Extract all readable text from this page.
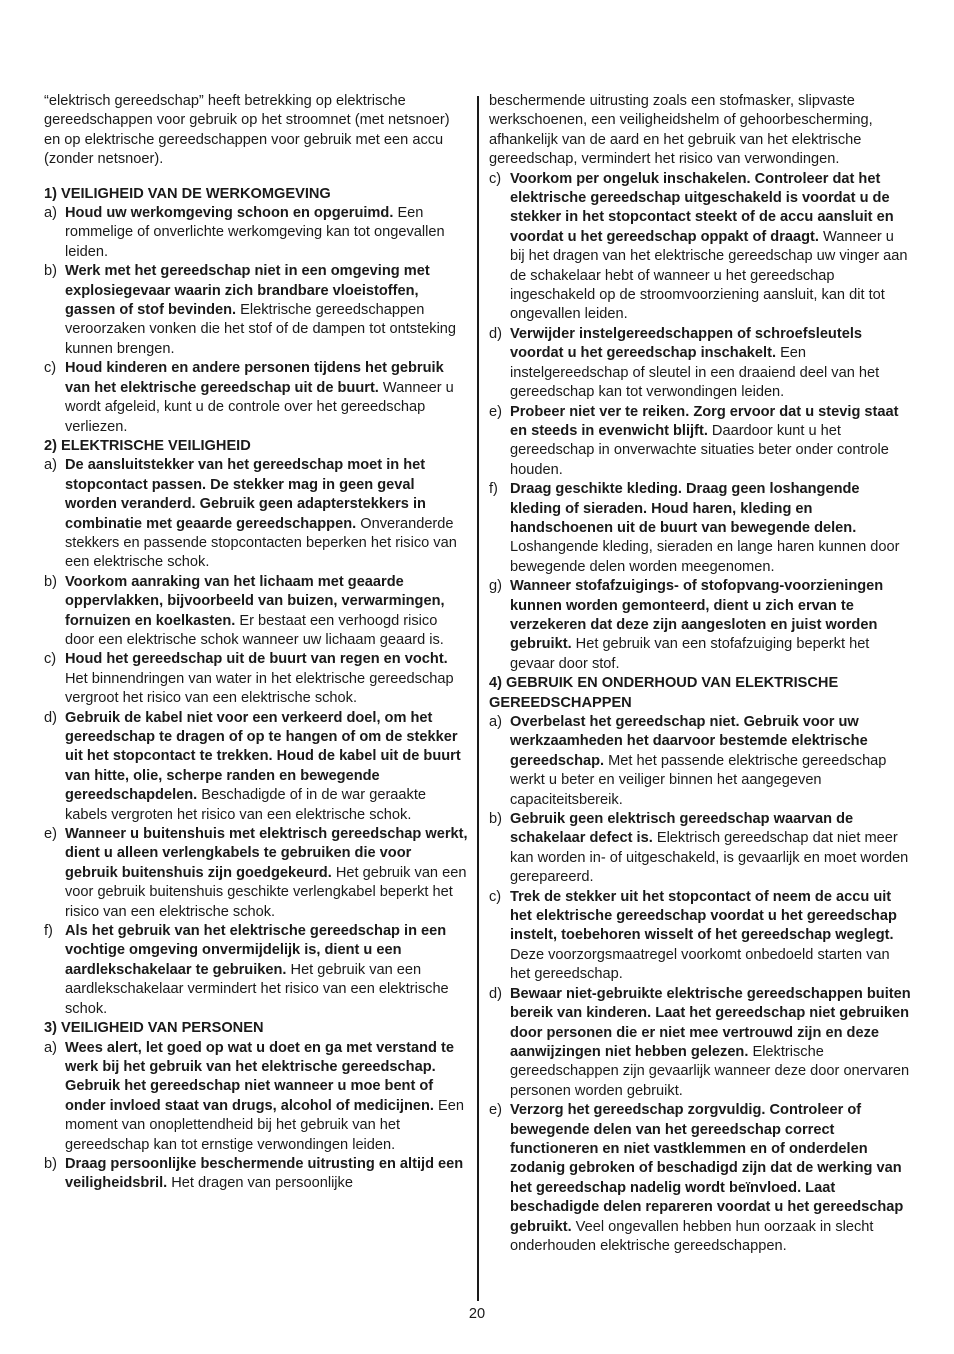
“elektrisch gereedschap” heeft betrekking op elektrische gereedschappen voor gebruik op het stroomnet (met netsnoer) en op elektrische gereedschappen voor gebruik met een accu (zonder netsnoer).

1) VEILIGHEID VAN DE WERKOMGEVING
a) Houd uw werkomgeving schoon en opgeruimd. Een rommelige of onverlichte werkomgeving kan tot ongevallen leiden.
b) Werk met het gereedschap niet in een omgeving met explosiegevaar waarin zich brandbare vloeistoffen, gassen of stof bevinden. Elektrische gereedschappen veroorzaken vonken die het stof of de dampen tot ontsteking kunnen brengen.
c) Houd kinderen en andere personen tijdens het gebruik van het elektrische gereedschap uit de buurt. Wanneer u wordt afgeleid, kunt u de controle over het gereedschap verliezen.
2) ELEKTRISCHE VEILIGHEID
a) De aansluitstekker van het gereedschap moet in het stopcontact passen. De stekker mag in geen geval worden veranderd. Gebruik geen adapterstekkers in combinatie met geaarde gereedschappen. Onveranderde stekkers en passende stopcontacten beperken het risico van een elektrische schok.
b) Voorkom aanraking van het lichaam met geaarde oppervlakken, bijvoorbeeld van buizen, verwarmingen, fornuizen en koelkasten. Er bestaat een verhoogd risico door een elektrische schok wanneer uw lichaam geaard is.
c) Houd het gereedschap uit de buurt van regen en vocht. Het binnendringen van water in het elektrische gereedschap vergroot het risico van een elektrische schok.
d) Gebruik de kabel niet voor een verkeerd doel, om het gereedschap te dragen of op te hangen of om de stekker uit het stopcontact te trekken. Houd de kabel uit de buurt van hitte, olie, scherpe randen en bewegende gereedschapdelen. Beschadigde of in de war geraakte kabels vergroten het risico van een elektrische schok.
e) Wanneer u buitenshuis met elektrisch gereedschap werkt, dient u alleen verlengkabels te gebruiken die voor gebruik buitenshuis zijn goedgekeurd. Het gebruik van een voor gebruik buitenshuis geschikte verlengkabel beperkt het risico van een elektrische schok.
f) Als het gebruik van het elektrische gereedschap in een vochtige omgeving onvermijdelijk is, dient u een aardlekschakelaar te gebruiken. Het gebruik van een aardlekschakelaar vermindert het risico van een elektrische schok.
3) VEILIGHEID VAN PERSONEN
a) Wees alert, let goed op wat u doet en ga met verstand te werk bij het gebruik van het elektrische gereedschap. Gebruik het gereedschap niet wanneer u moe bent of onder invloed staat van drugs, alcohol of medicijnen. Een moment van onoplettendheid bij het gebruik van het gereedschap kan tot ernstige verwondingen leiden.
b) Draag persoonlijke beschermende uitrusting en altijd een veiligheidsbril. Het dragen van persoonlijke

beschermende uitrusting zoals een stofmasker, slipvaste werkschoenen, een veiligheidshelm of gehoorbescherming, afhankelijk van de aard en het gebruik van het elektrische gereedschap, vermindert het risico van verwondingen.

c) Voorkom per ongeluk inschakelen. Controleer dat het elektrische gereedschap uitgeschakeld is voordat u de stekker in het stopcontact steekt of de accu aansluit en voordat u het gereedschap oppakt of draagt. Wanneer u bij het dragen van het elektrische gereedschap uw vinger aan de schakelaar hebt of wanneer u het gereedschap ingeschakeld op de stroomvoorziening aansluit, kan dit tot ongevallen leiden.
d) Verwijder instelgereedschappen of schroefsleutels voordat u het gereedschap inschakelt. Een instelgereedschap of sleutel in een draaiend deel van het gereedschap kan tot verwondingen leiden.
e) Probeer niet ver te reiken. Zorg ervoor dat u stevig staat en steeds in evenwicht blijft. Daardoor kunt u het gereedschap in onverwachte situaties beter onder controle houden.
f) Draag geschikte kleding. Draag geen loshangende kleding of sieraden. Houd haren, kleding en handschoenen uit de buurt van bewegende delen. Loshangende kleding, sieraden en lange haren kunnen door bewegende delen worden meegenomen.
g) Wanneer stofafzuigings- of stofopvang-voorzieningen kunnen worden gemonteerd, dient u zich ervan te verzekeren dat deze zijn aangesloten en juist worden gebruikt. Het gebruik van een stofafzuiging beperkt het gevaar door stof.
4) GEBRUIK EN ONDERHOUD VAN ELEKTRISCHE GEREEDSCHAPPEN
a) Overbelast het gereedschap niet. Gebruik voor uw werkzaamheden het daarvoor bestemde elektrische gereedschap. Met het passende elektrische gereedschap werkt u beter en veiliger binnen het aangegeven capaciteitsbereik.
b) Gebruik geen elektrisch gereedschap waarvan de schakelaar defect is. Elektrisch gereedschap dat niet meer kan worden in- of uitgeschakeld, is gevaarlijk en moet worden gerepareerd.
c) Trek de stekker uit het stopcontact of neem de accu uit het elektrische gereedschap voordat u het gereedschap instelt, toebehoren wisselt of het gereedschap weglegt. Deze voorzorgsmaatregel voorkomt onbedoeld starten van het gereedschap.
d) Bewaar niet-gebruikte elektrische gereedschappen buiten bereik van kinderen. Laat het gereedschap niet gebruiken door personen die er niet mee vertrouwd zijn en deze aanwijzingen niet hebben gelezen. Elektrische gereedschappen zijn gevaarlijk wanneer deze door onervaren personen worden gebruikt.
e) Verzorg het gereedschap zorgvuldig. Controleer of bewegende delen van het gereedschap correct functioneren en niet vastklemmen en of onderdelen zodanig gebroken of beschadigd zijn dat de werking van het gereedschap nadelig wordt beïnvloed. Laat beschadigde delen repareren voordat u het gereedschap gebruikt. Veel ongevallen hebben hun oorzaak in slecht onderhouden elektrische gereedschappen.
20
